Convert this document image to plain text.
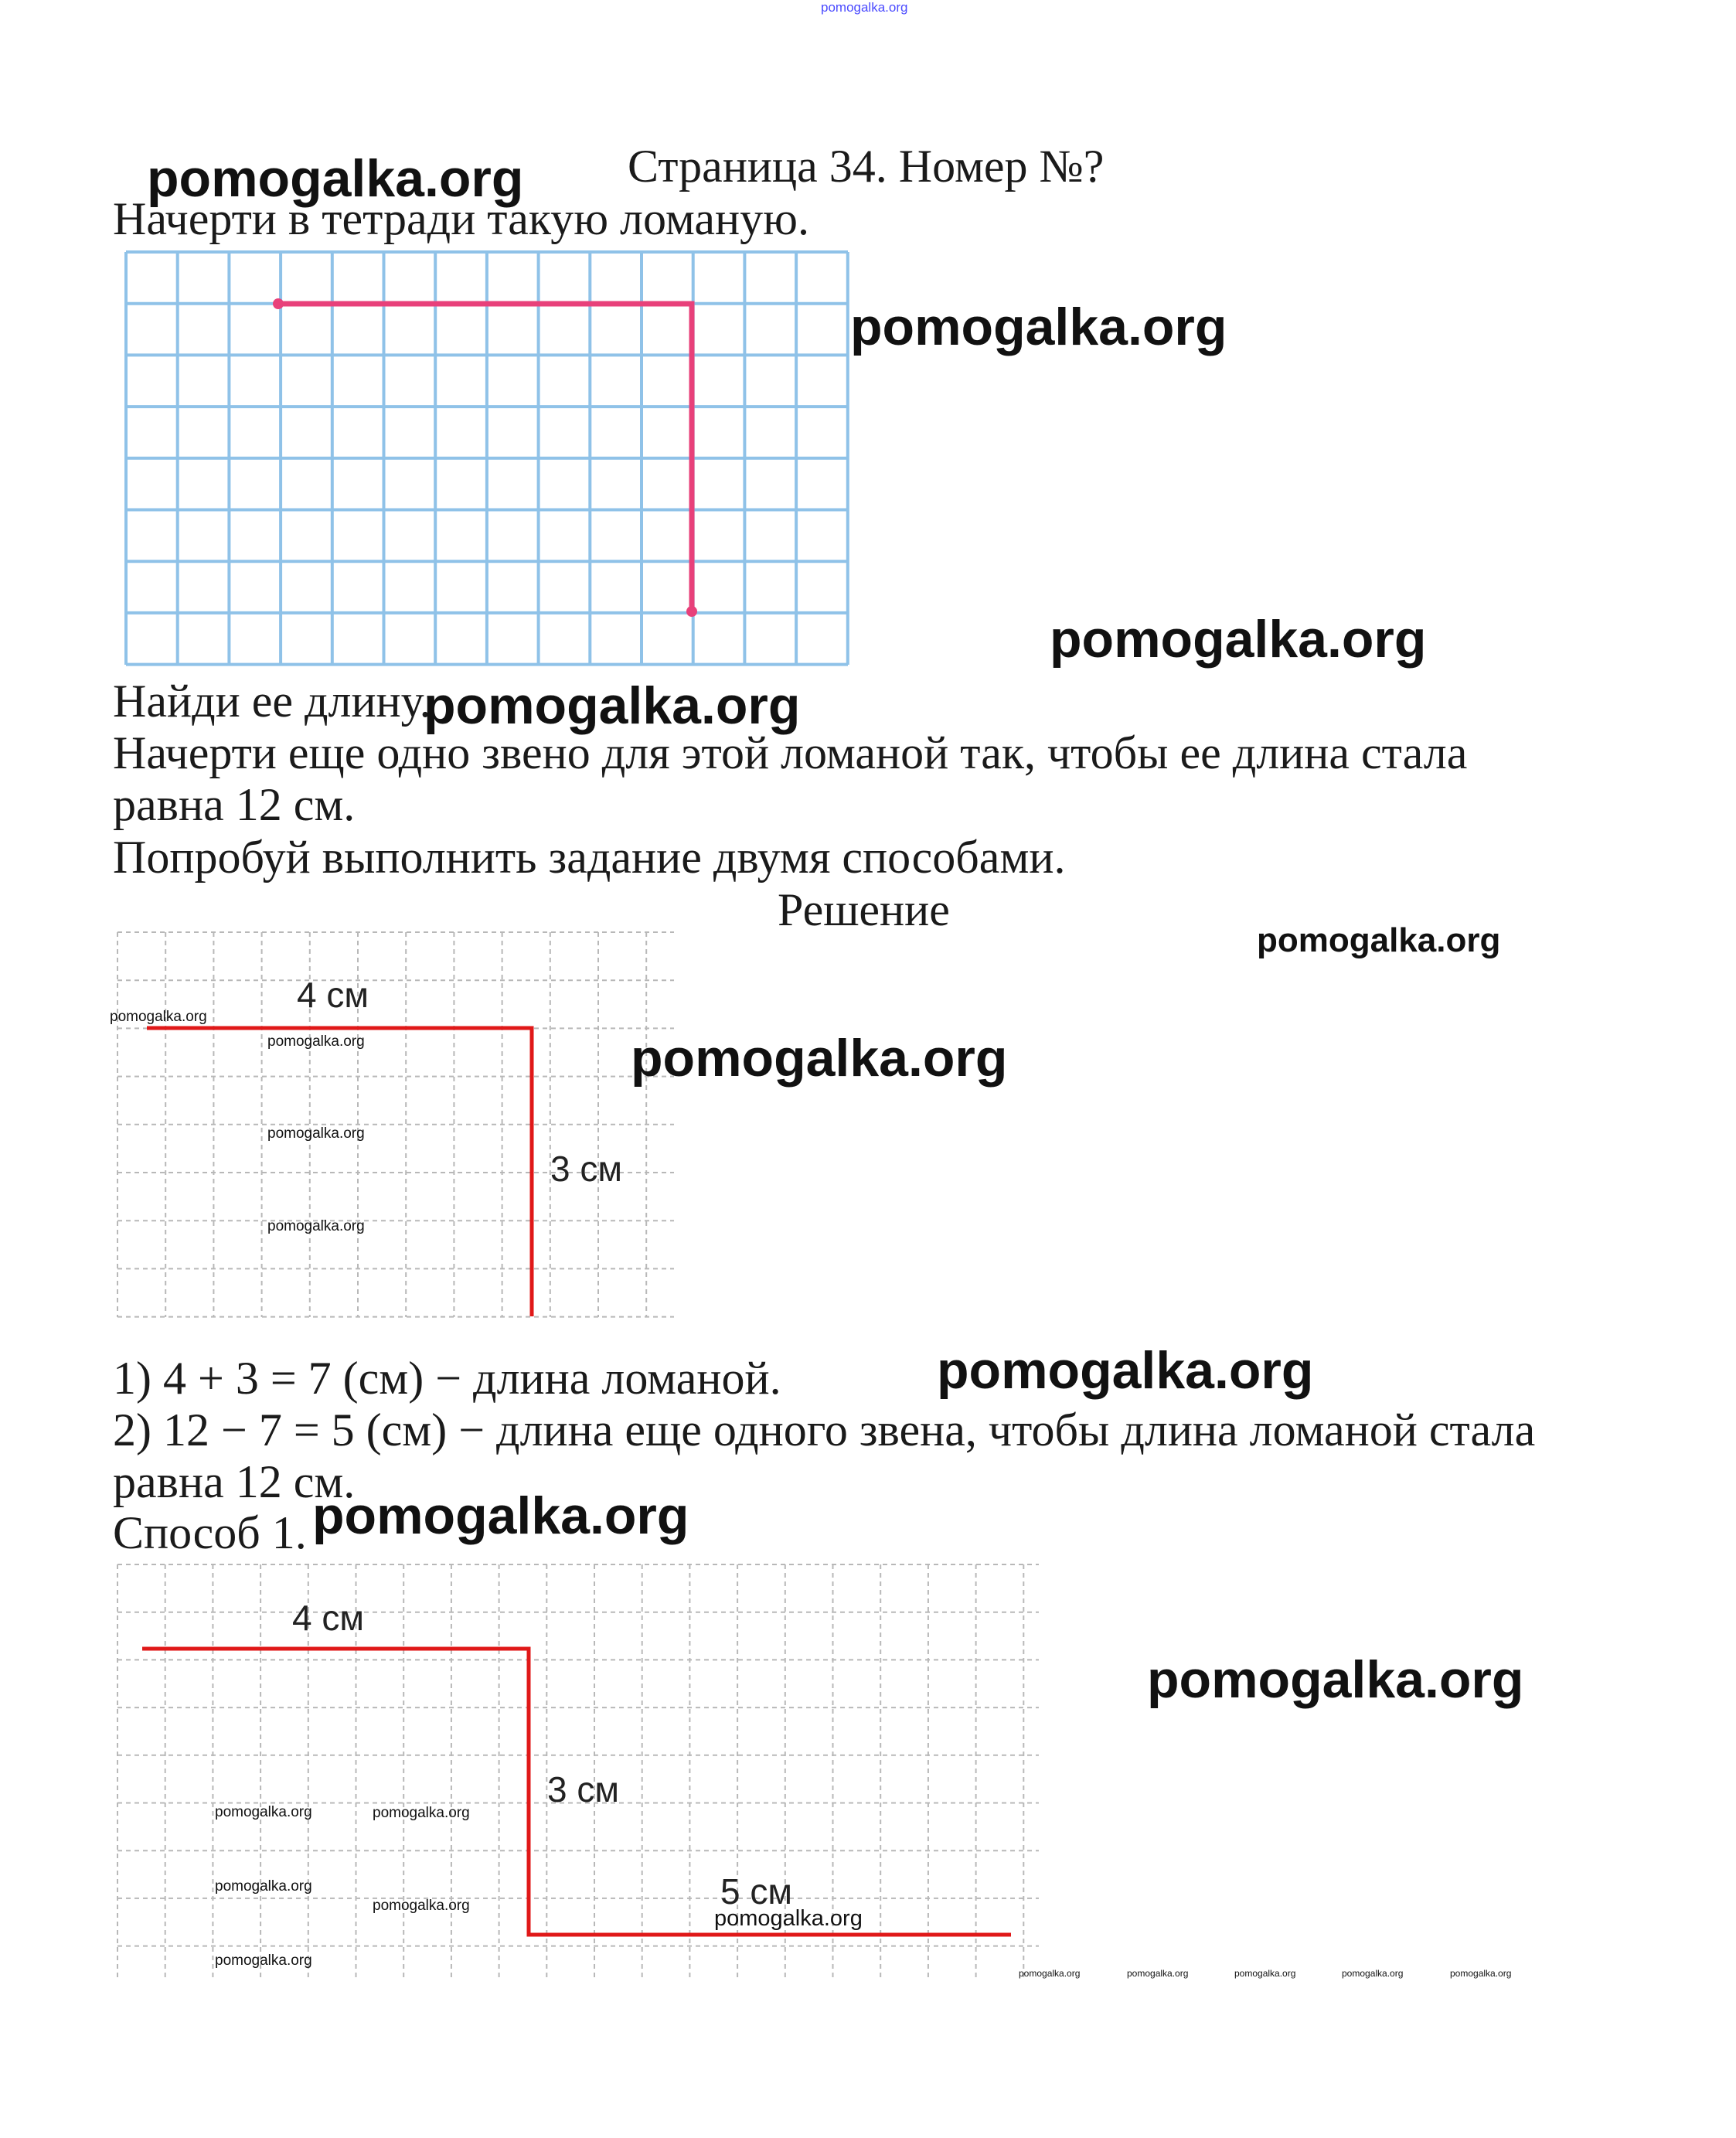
pomogalka.org
Страница 34. Номер №?
pomogalka.org
Начерти в тетради такую ломаную.
pomogalka.org
pomogalka.org
Найди ее длину.
pomogalka.org
Начерти еще одно звено для этой ломаной так, чтобы ее длина стала
равна 12 см.
Попробуй выполнить задание двумя способами.
Решение
pomogalka.org
4 см
3 см
pomogalka.org
pomogalka.org
pomogalka.org
pomogalka.org
pomogalka.org
1) 4 + 3 = 7 (см) − длина ломаной.	pomogalka.org
2) 12 − 7 = 5 (см) − длина еще одного звена, чтобы длина ломаной стала
равна 12 см.
Способ 1. pomogalka.org
4 см
3 см
5 см
pomogalka.org
pomogalka.org	pomogalka.org
pomogalka.org
pomogalka.org
pomogalka.org
pomogalka.org
pomogalka.org	pomogalka.org	pomogalka.org	pomogalka.org	pomogalka.org
